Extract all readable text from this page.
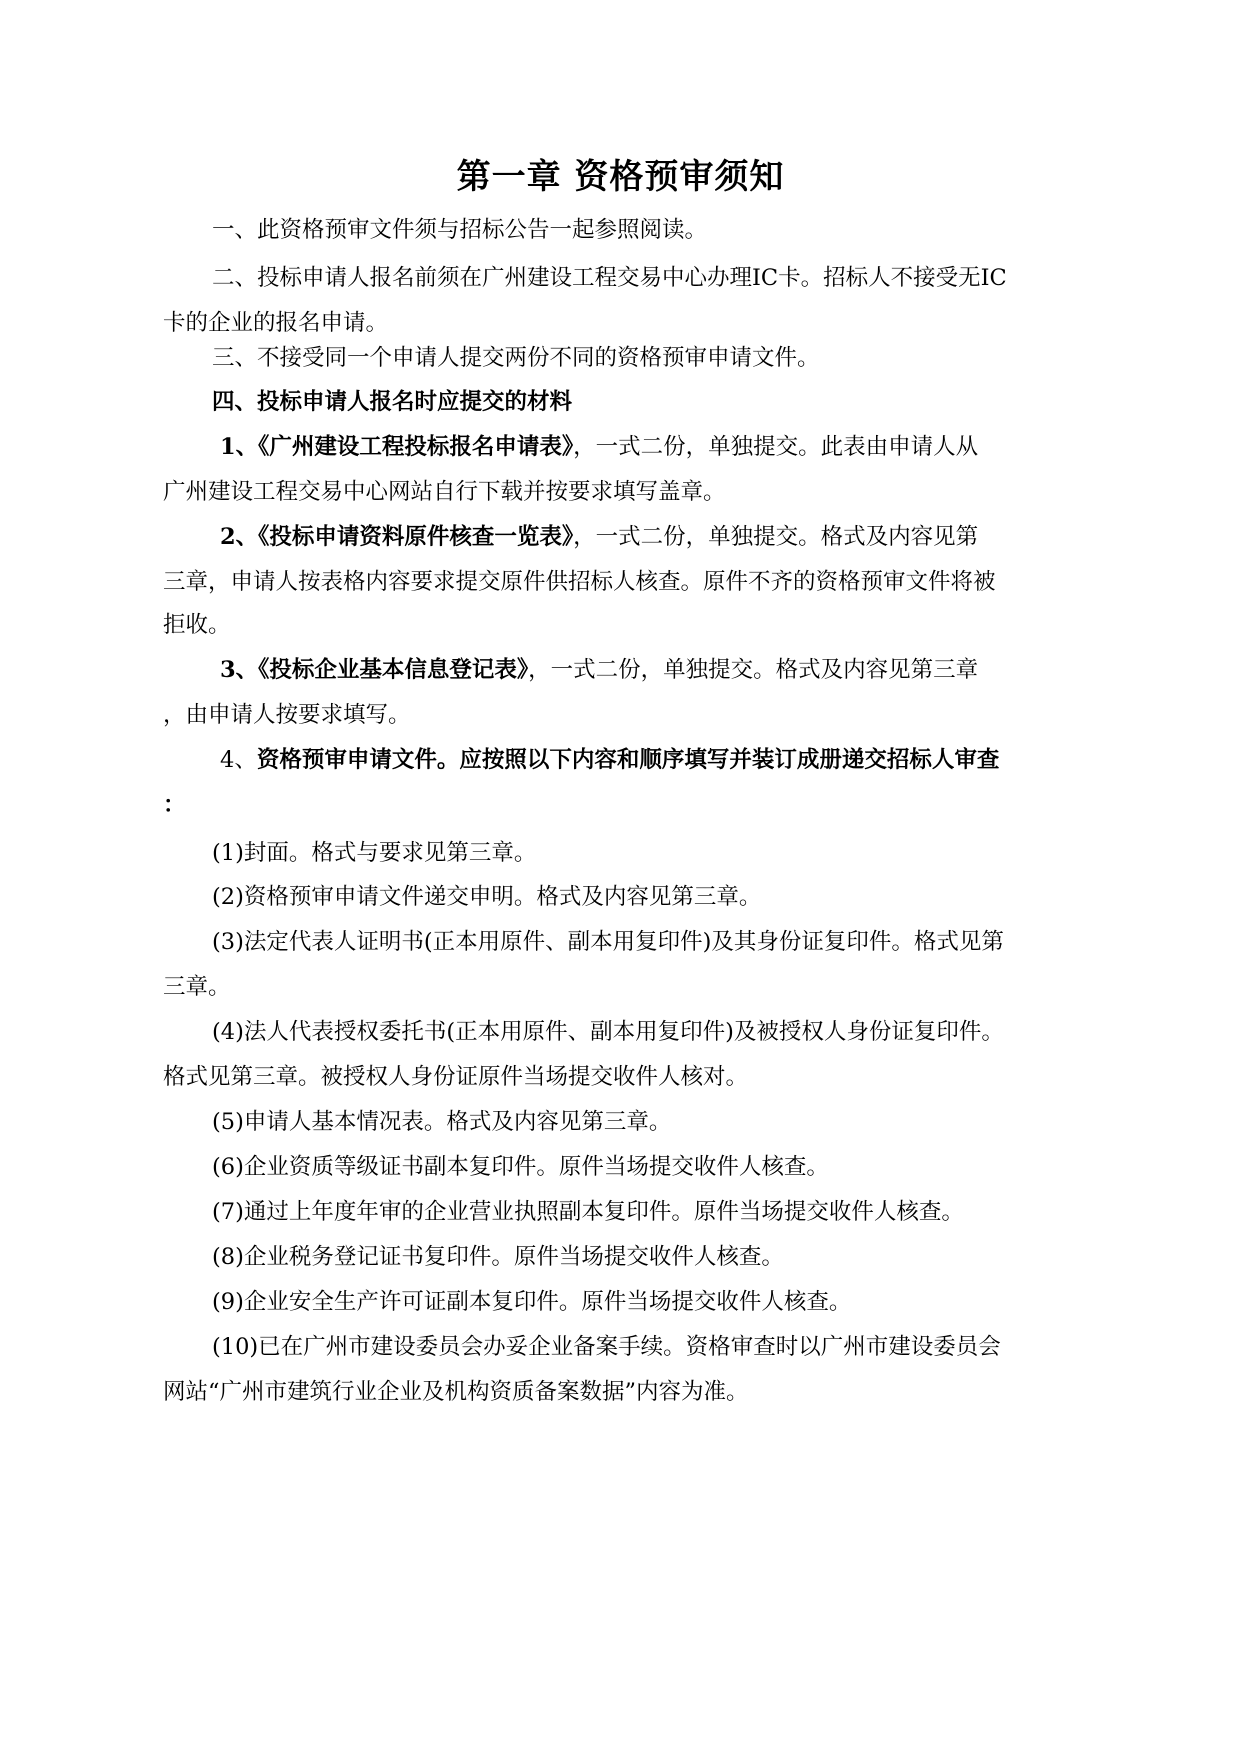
第一章 资格预审须知
一、此资格预审文件须与招标公告一起参照阅读。
二、投标申请人报名前须在广州建设工程交易中心办理IC卡。招标人不接受无IC
卡的企业的报名申请。
三、不接受同一个申请人提交两份不同的资格预审申请文件。
四、投标申请人报名时应提交的材料
1、《广州建设工程投标报名申请表》，一式二份，单独提交。此表由申请人从
广州建设工程交易中心网站自行下载并按要求填写盖章。
2、《投标申请资料原件核查一览表》，一式二份，单独提交。格式及内容见第
三章，申请人按表格内容要求提交原件供招标人核查。原件不齐的资格预审文件将被
拒收。
3、《投标企业基本信息登记表》，一式二份，单独提交。格式及内容见第三章
，由申请人按要求填写。
4、资格预审申请文件。应按照以下内容和顺序填写并装订成册递交招标人审查
：
(1)封面。格式与要求见第三章。
(2)资格预审申请文件递交申明。格式及内容见第三章。
(3)法定代表人证明书(正本用原件、副本用复印件)及其身份证复印件。格式见第
三章。
(4)法人代表授权委托书(正本用原件、副本用复印件)及被授权人身份证复印件。
格式见第三章。被授权人身份证原件当场提交收件人核对。
(5)申请人基本情况表。格式及内容见第三章。
(6)企业资质等级证书副本复印件。原件当场提交收件人核查。
(7)通过上年度年审的企业营业执照副本复印件。原件当场提交收件人核查。
(8)企业税务登记证书复印件。原件当场提交收件人核查。
(9)企业安全生产许可证副本复印件。原件当场提交收件人核查。
(10)已在广州市建设委员会办妥企业备案手续。资格审查时以广州市建设委员会
网站“广州市建筑行业企业及机构资质备案数据”内容为准。
